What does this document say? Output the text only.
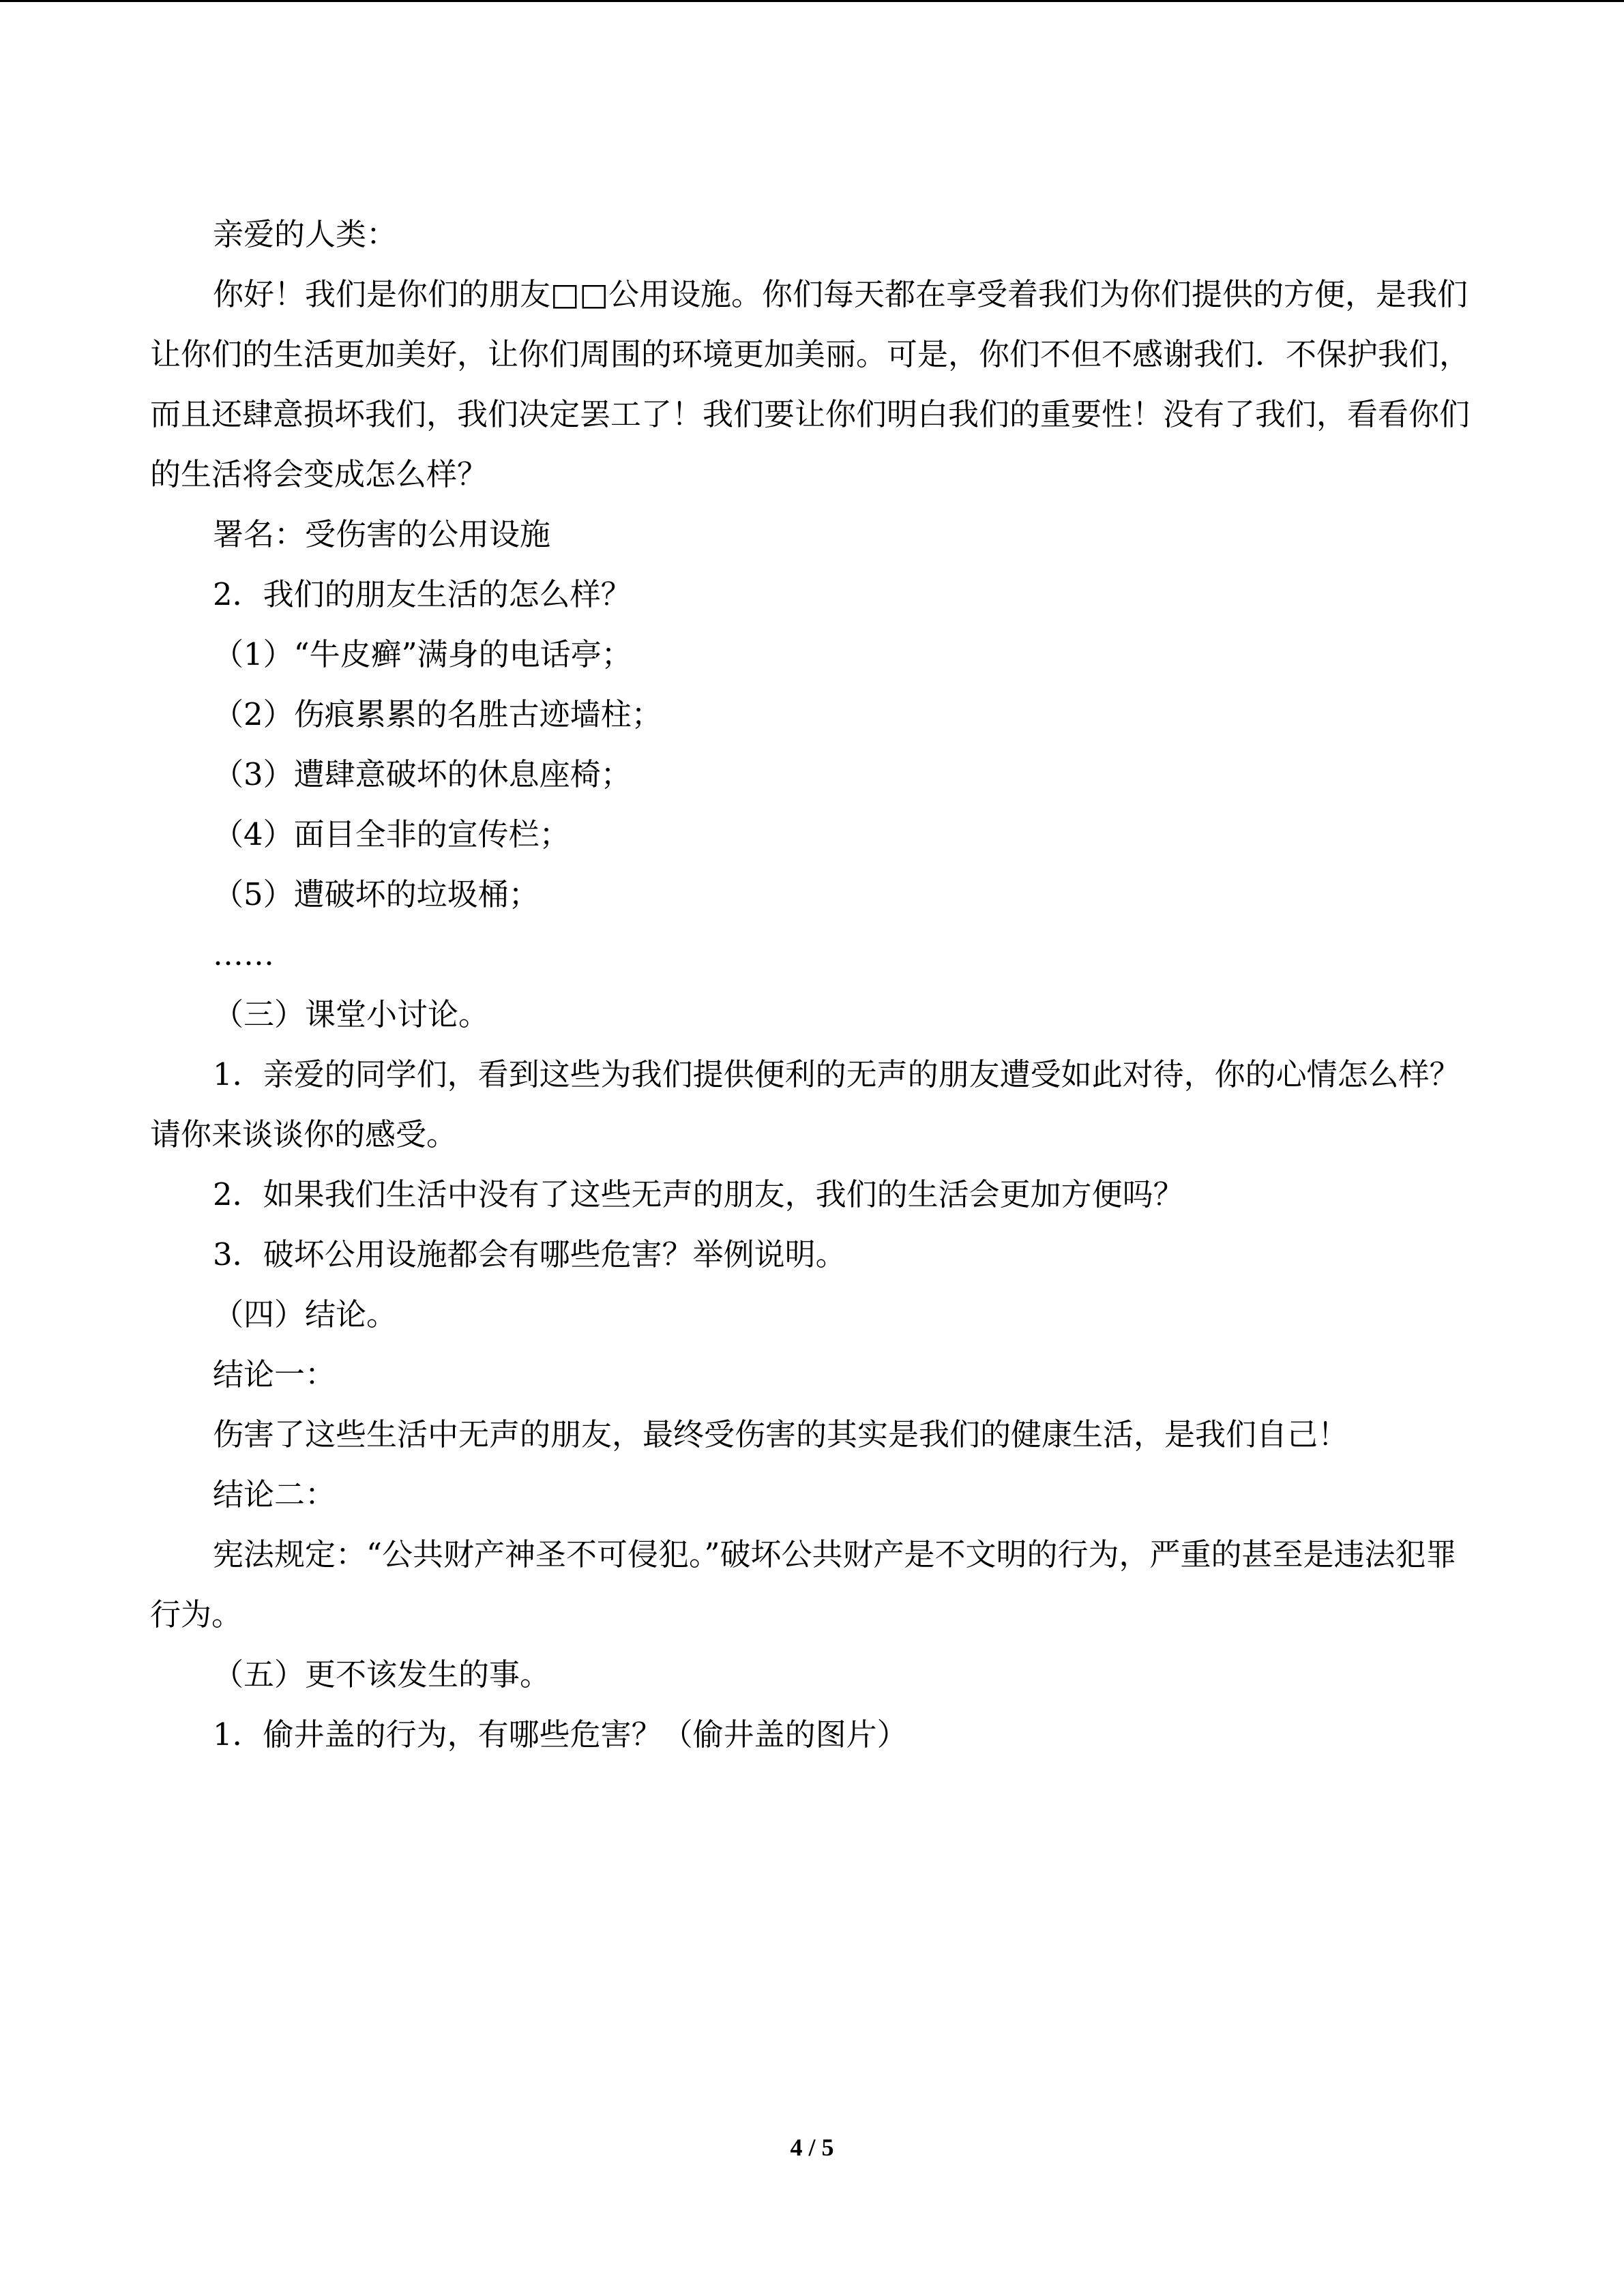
亲爱的人类：

你好！我们是你们的朋友□□公用设施。你们每天都在享受着我们为你们提供的方便，是我们让你们的生活更加美好，让你们周围的环境更加美丽。可是，你们不但不感谢我们．不保护我们，而且还肆意损坏我们，我们决定罢工了！我们要让你们明白我们的重要性！没有了我们，看看你们的生活将会变成怎么样？

署名：受伤害的公用设施

2．我们的朋友生活的怎么样？

（1）“牛皮癣”满身的电话亭；

（2）伤痕累累的名胜古迹墙柱；

（3）遭肆意破坏的休息座椅；

（4）面目全非的宣传栏；

（5）遭破坏的垃圾桶；

……

（三）课堂小讨论。

1．亲爱的同学们，看到这些为我们提供便利的无声的朋友遭受如此对待，你的心情怎么样？请你来谈谈你的感受。

2．如果我们生活中没有了这些无声的朋友，我们的生活会更加方便吗？

3．破坏公用设施都会有哪些危害？举例说明。

（四）结论。

结论一：

伤害了这些生活中无声的朋友，最终受伤害的其实是我们的健康生活，是我们自己！

结论二：

宪法规定：“公共财产神圣不可侵犯。”破坏公共财产是不文明的行为，严重的甚至是违法犯罪行为。

（五）更不该发生的事。

1．偷井盖的行为，有哪些危害？（偷井盖的图片）

4 / 5
